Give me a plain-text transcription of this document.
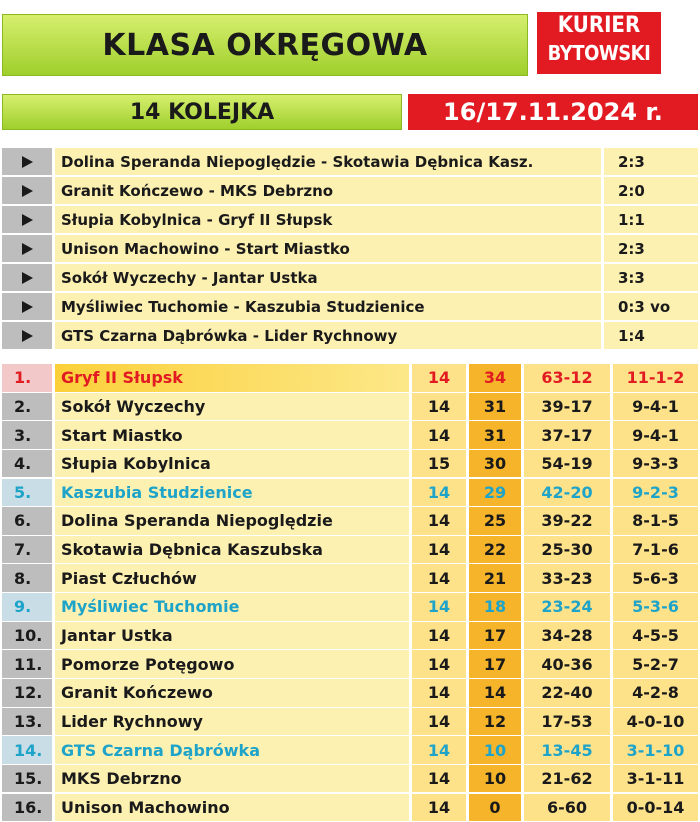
KLASA OKRĘGOWA
KURIER
BYTOWSKI
14 KOLEJKA	16/17.11.2024 r.
Dolina Speranda Niepoględzie - Skotawia Dębnica Kasz.	2:3
Granit Kończewo - MKS Debrzno	2:0
Słupia Kobylnica - Gryf II Słupsk	1:1
Unison Machowino - Start Miastko	2:3
Sokół Wyczechy - Jantar Ustka	3:3
Myśliwiec Tuchomie - Kaszubia Studzienice	0:3 vo
GTS Czarna Dąbrówka - Lider Rychnowy	1:4
1.	Gryf II Słupsk	14	34	63-12	11-1-2
2.	Sokół Wyczechy	14	31	39-17	9-4-1
3.	Start Miastko	14	31	37-17	9-4-1
4.	Słupia Kobylnica	15	30	54-19	9-3-3
5.	Kaszubia Studzienice	14	29	42-20	9-2-3
6.	Dolina Speranda Niepoględzie	14	25	39-22	8-1-5
7.	Skotawia Dębnica Kaszubska	14	22	25-30	7-1-6
8.	Piast Człuchów	14	21	33-23	5-6-3
9.	Myśliwiec Tuchomie	14	18	23-24	5-3-6
10.	Jantar Ustka	14	17	34-28	4-5-5
11.	Pomorze Potęgowo	14	17	40-36	5-2-7
12.	Granit Kończewo	14	14	22-40	4-2-8
13.	Lider Rychnowy	14	12	17-53	4-0-10
14.	GTS Czarna Dąbrówka	14	10	13-45	3-1-10
15.	MKS Debrzno	14	10	21-62	3-1-11
16.	Unison Machowino	14	0	6-60	0-0-14
